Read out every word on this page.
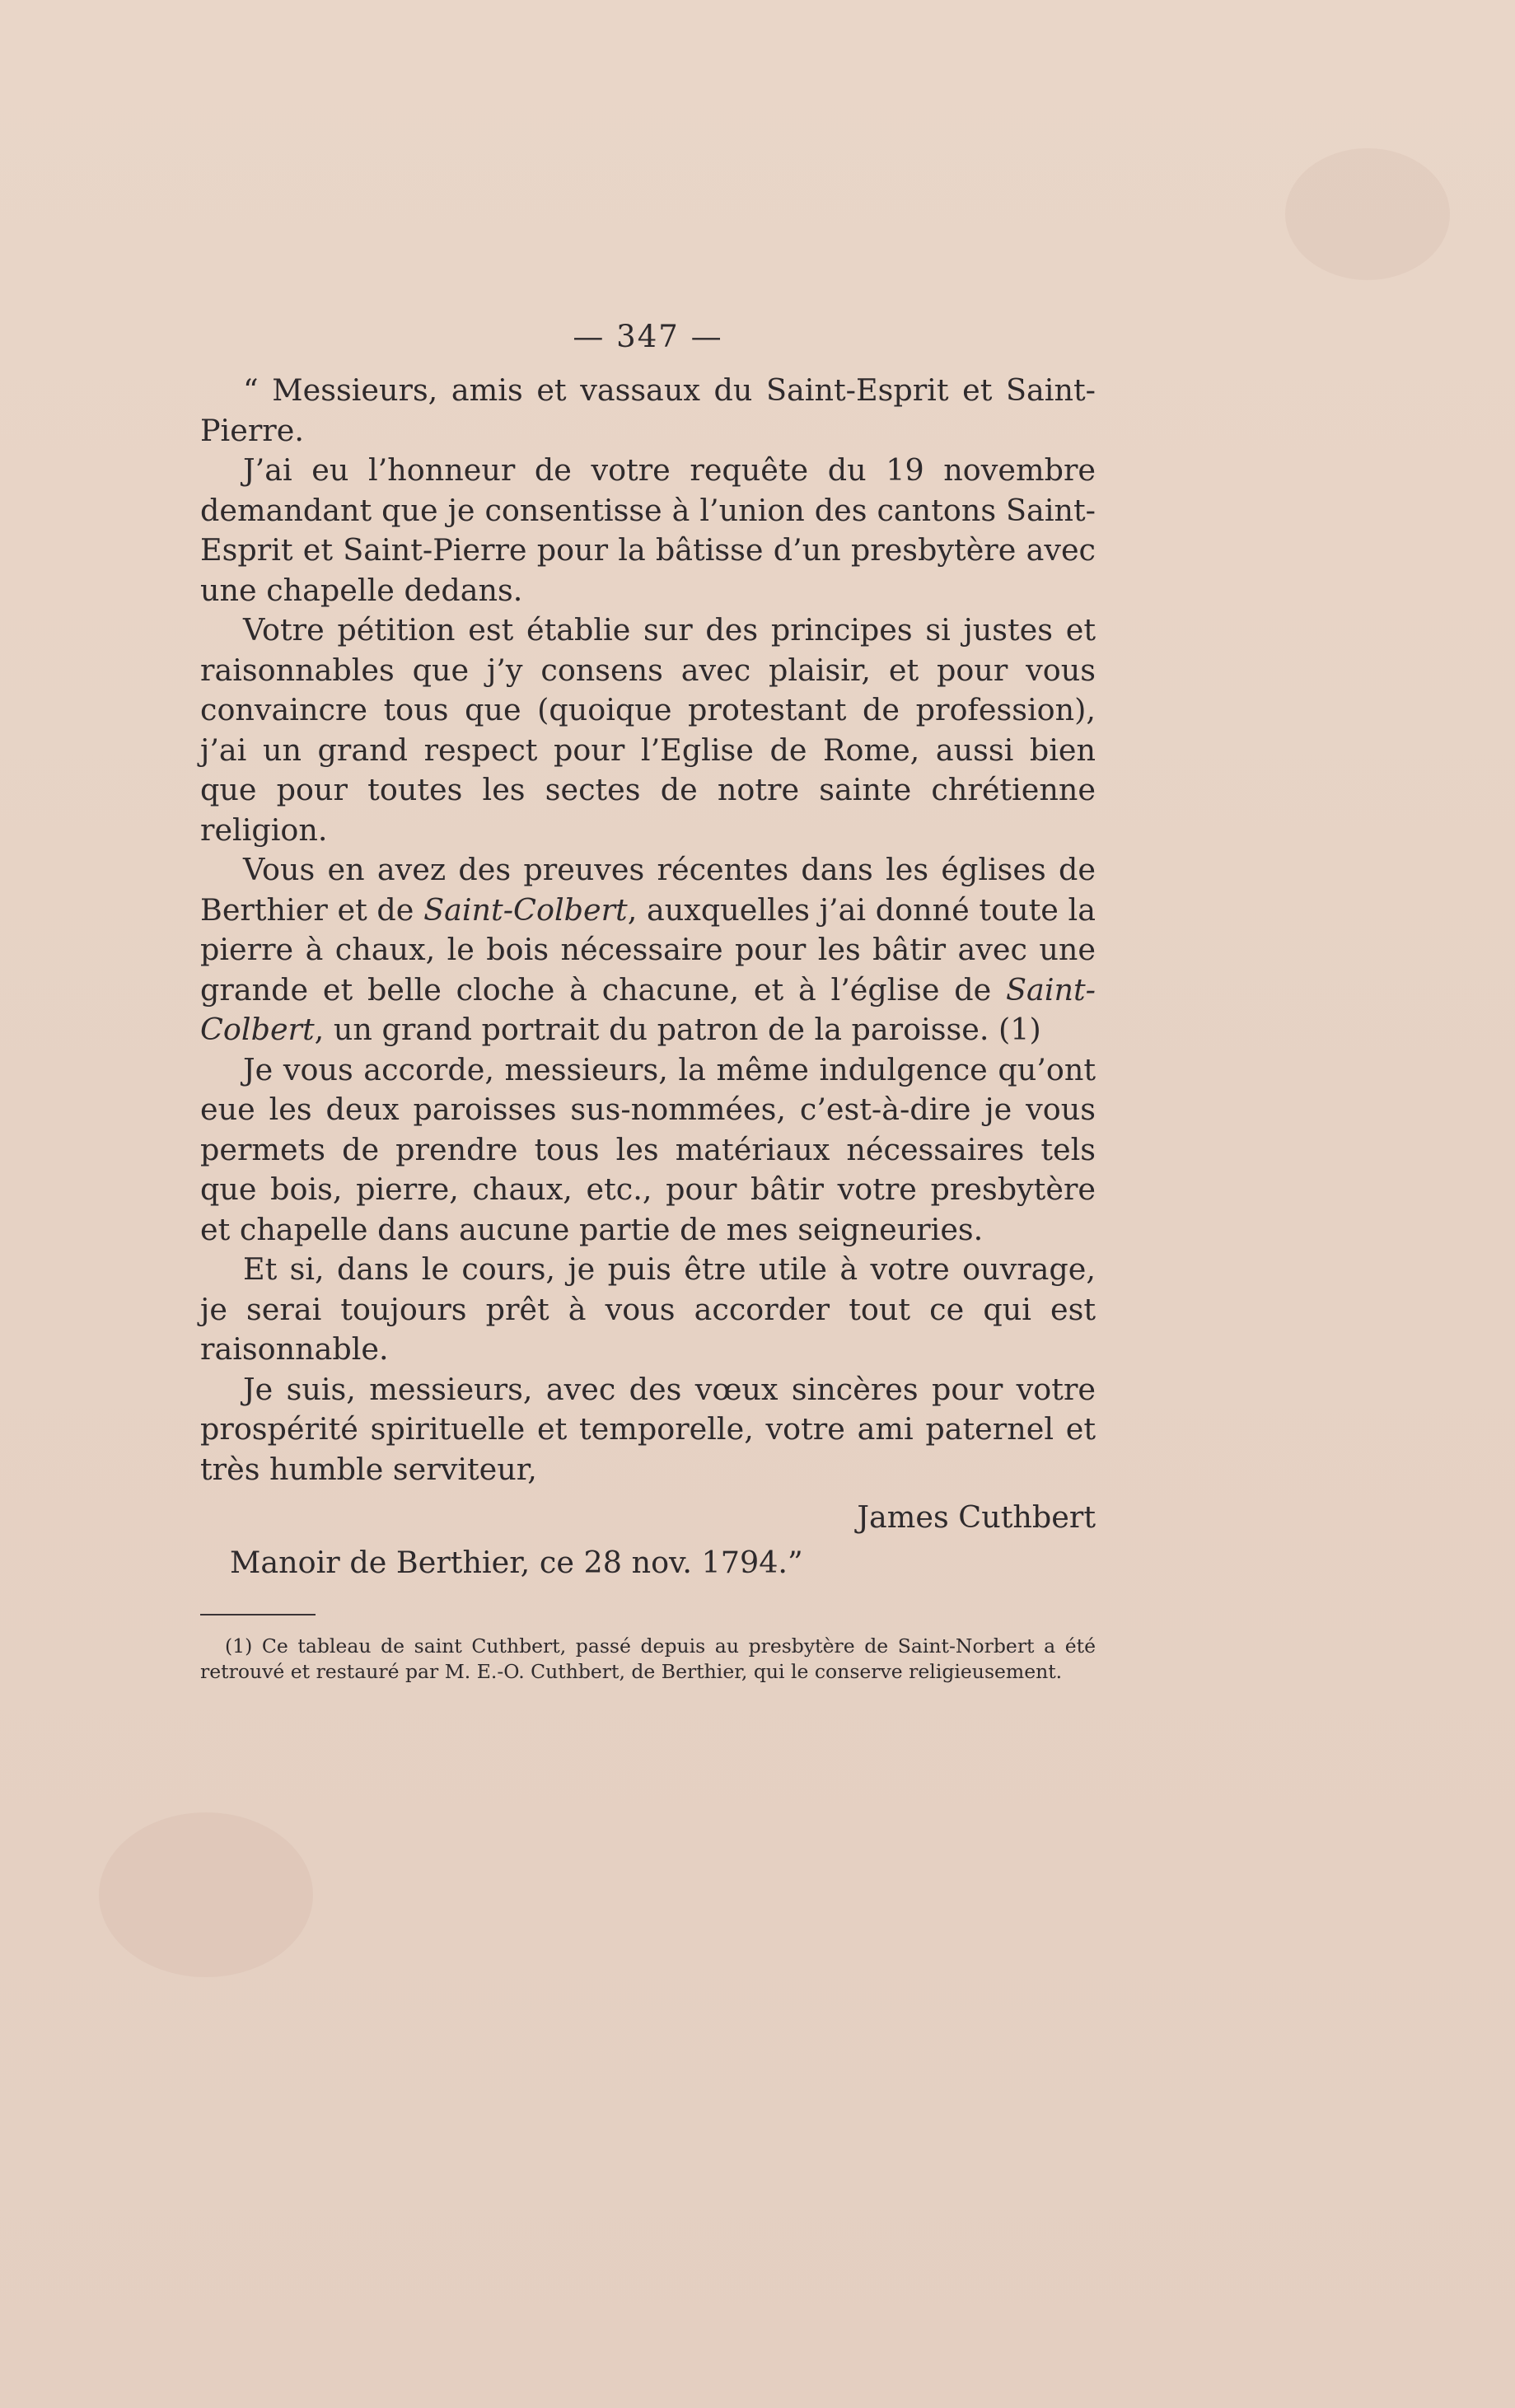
— 347 —

“ Messieurs, amis et vassaux du Saint-Esprit et Saint-Pierre.

J’ai eu l’honneur de votre requête du 19 novembre demandant que je consentisse à l’union des cantons Saint-Esprit et Saint-Pierre pour la bâtisse d’un presbytère avec une chapelle dedans.

Votre pétition est établie sur des principes si justes et raisonnables que j’y consens avec plaisir, et pour vous convaincre tous que (quoique protestant de profession), j’ai un grand respect pour l’Eglise de Rome, aussi bien que pour toutes les sectes de notre sainte chrétienne religion.

Vous en avez des preuves récentes dans les églises de Berthier et de Saint-Colbert, auxquelles j’ai donné toute la pierre à chaux, le bois nécessaire pour les bâtir avec une grande et belle cloche à chacune, et à l’église de Saint-Colbert, un grand portrait du patron de la paroisse. (1)

Je vous accorde, messieurs, la même indulgence qu’ont eue les deux paroisses sus-nommées, c’est-à-dire je vous permets de prendre tous les matériaux nécessaires tels que bois, pierre, chaux, etc., pour bâtir votre presbytère et chapelle dans aucune partie de mes seigneuries.

Et si, dans le cours, je puis être utile à votre ouvrage, je serai toujours prêt à vous accorder tout ce qui est raisonnable.

Je suis, messieurs, avec des vœux sincères pour votre prospérité spirituelle et temporelle, votre ami paternel et très humble serviteur,

James Cuthbert

Manoir de Berthier, ce 28 nov. 1794.”

(1) Ce tableau de saint Cuthbert, passé depuis au presbytère de Saint-Norbert a été retrouvé et restauré par M. E.-O. Cuthbert, de Berthier, qui le conserve religieusement.
